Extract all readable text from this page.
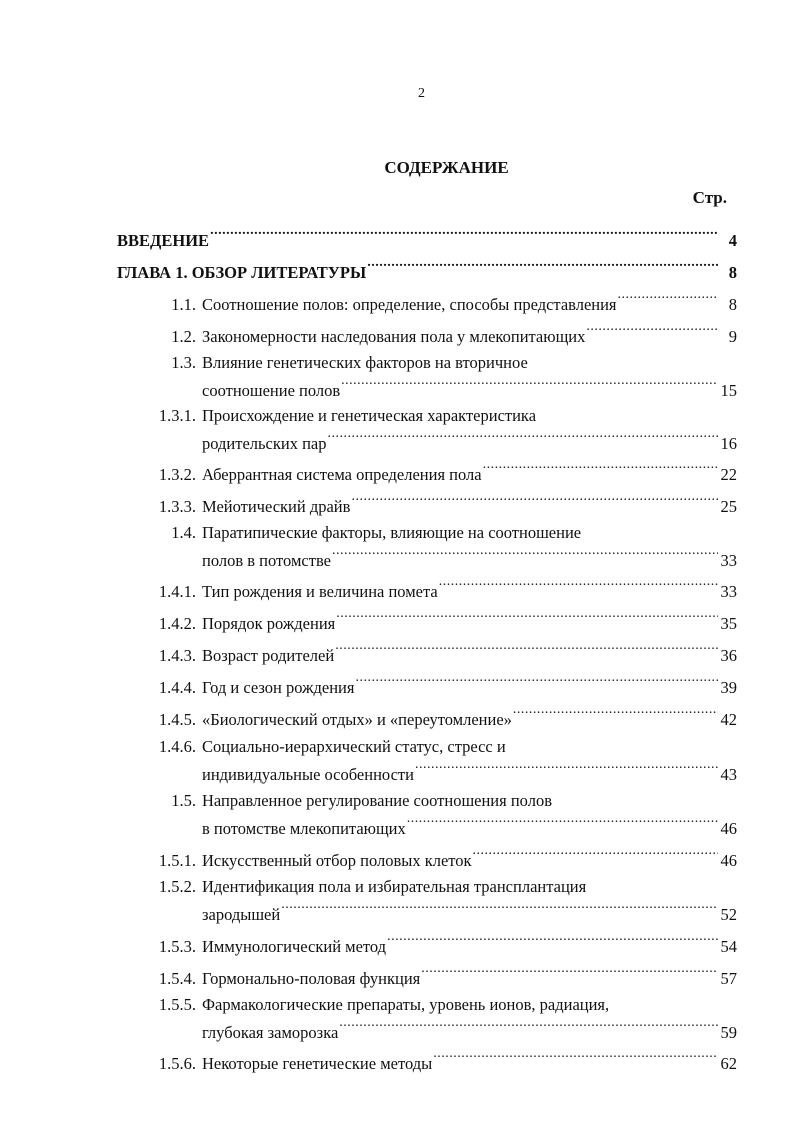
2
СОДЕРЖАНИЕ
Стр.
ВВЕДЕНИЕ .....	4
ГЛАВА 1. ОБЗОР ЛИТЕРАТУРЫ .....	8
1.1. Соотношение полов: определение, способы представления .....	8
1.2. Закономерности наследования пола у млекопитающих .....	9
1.3. Влияние генетических факторов на вторичное
соотношение полов .....	15
1.3.1. Происхождение и генетическая характеристика
родительских пар .....	16
1.3.2. Аберрантная система определения пола .....	22
1.3.3. Мейотический драйв .....	25
1.4. Паратипические факторы, влияющие на соотношение
полов в потомстве .....	33
1.4.1. Тип рождения и величина помета .....	33
1.4.2. Порядок рождения .....	35
1.4.3. Возраст родителей .....	36
1.4.4. Год и сезон рождения .....	39
1.4.5. «Биологический отдых» и «переутомление» .....	42
1.4.6. Социально-иерархический статус, стресс и
индивидуальные особенности .....	43
1.5. Направленное регулирование соотношения полов
в потомстве млекопитающих .....	46
1.5.1. Искусственный отбор половых клеток .....	46
1.5.2. Идентификация пола и избирательная трансплантация
зародышей .....	52
1.5.3. Иммунологический метод .....	54
1.5.4. Гормонально-половая функция .....	57
1.5.5. Фармакологические препараты, уровень ионов, радиация,
глубокая заморозка .....	59
1.5.6. Некоторые генетические методы .....	62
